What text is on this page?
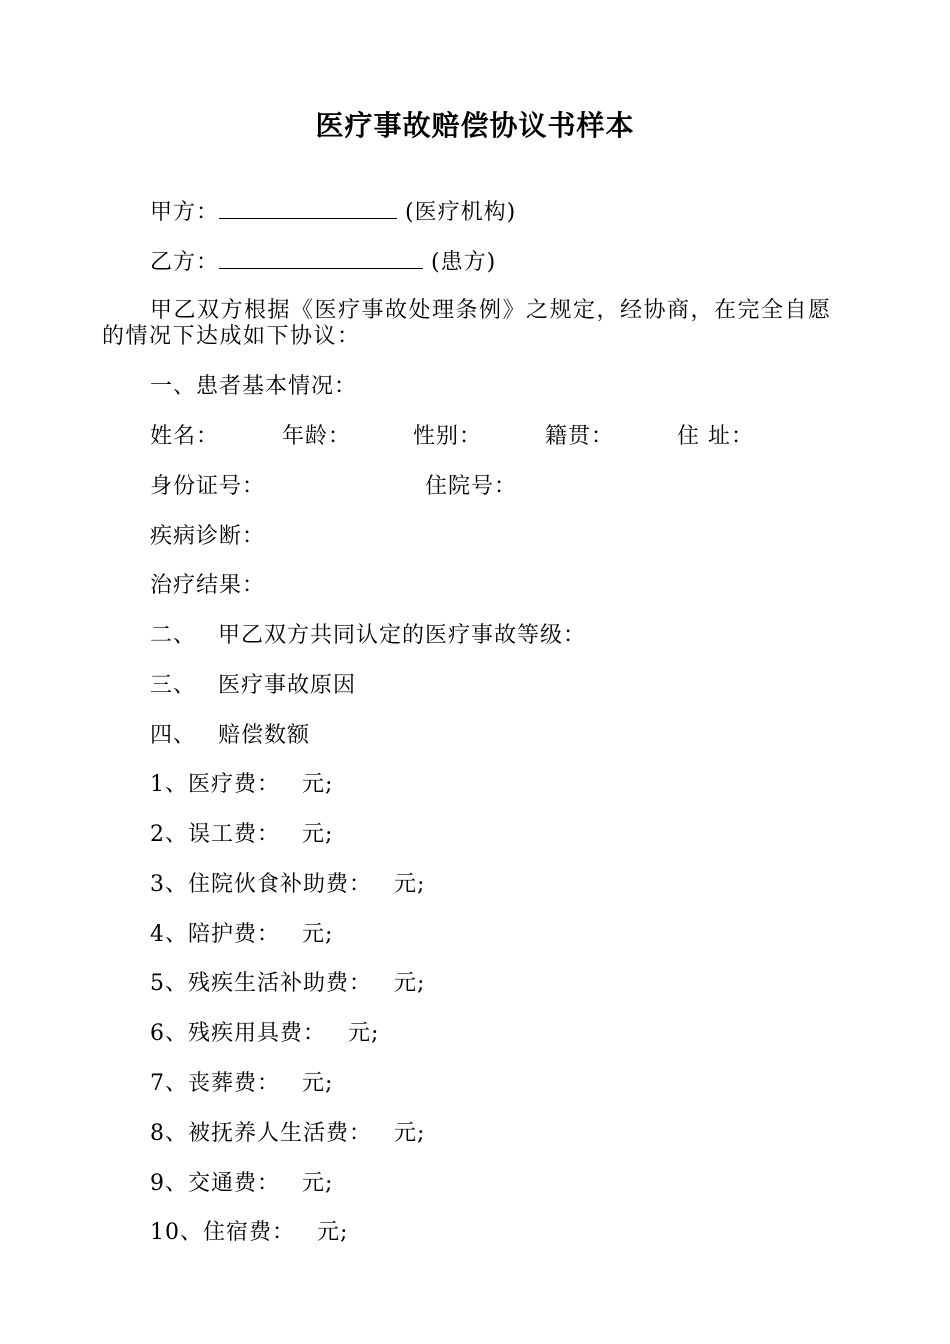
医疗事故赔偿协议书样本
甲方：	(医疗机构)
乙方：	(患方)
甲乙双方根据《医疗事故处理条例》之规定，经协商，在完全自愿的情况下达成如下协议：
一、患者基本情况：
姓名：	年龄：	性别：	籍贯：	住 址：
身份证号：	住院号：
疾病诊断：
治疗结果：
二、 甲乙双方共同认定的医疗事故等级：
三、 医疗事故原因
四、 赔偿数额
1、医疗费： 元;
2、误工费： 元;
3、住院伙食补助费： 元;
4、陪护费： 元;
5、残疾生活补助费： 元;
6、残疾用具费： 元;
7、丧葬费： 元;
8、被抚养人生活费： 元;
9、交通费： 元;
10、住宿费： 元;
